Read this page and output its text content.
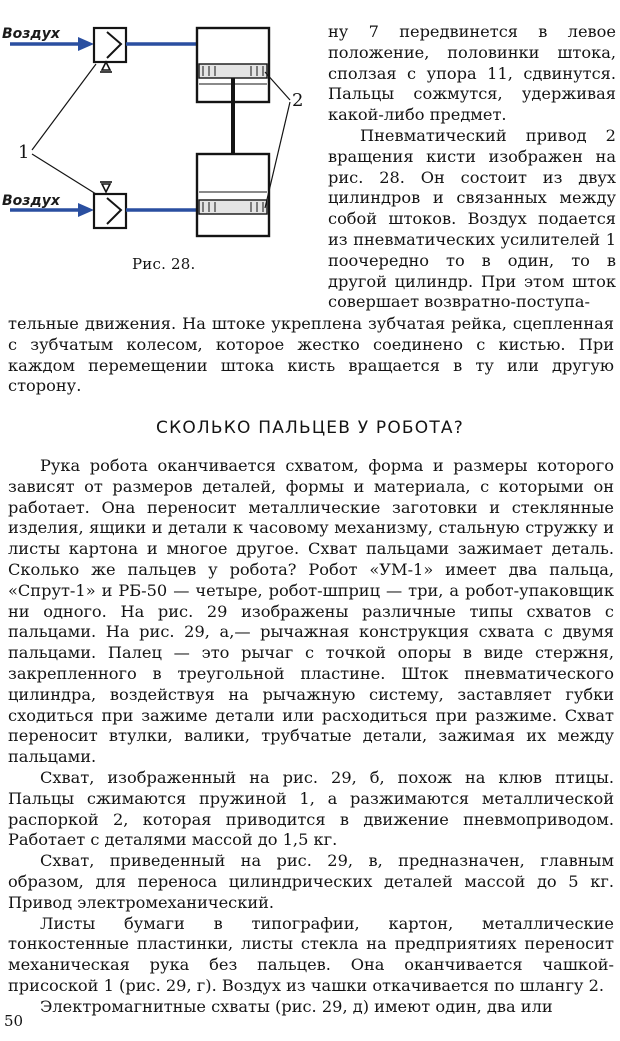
Воздух
Воздух
1
2
Рис. 28.

ну 7 передвинется в левое положение, половинки штока, сползая с упора 11, сдвинутся. Пальцы сожмутся, удерживая какой-либо предмет.

Пневматический привод 2 вращения кисти изображен на рис. 28. Он состоит из двух цилиндров и связанных между собой штоков. Воздух подается из пневматических усилителей 1 поочередно то в один, то в другой цилиндр. При этом шток совершает возвратно-поступа-

тельные движения. На штоке укреплена зубчатая рейка, сцепленная с зубчатым колесом, которое жестко соединено с кистью. При каждом перемещении штока кисть вращается в ту или другую сторону.

СКОЛЬКО ПАЛЬЦЕВ У РОБОТА?

Рука робота оканчивается схватом, форма и размеры которого зависят от размеров деталей, формы и материала, с которыми он работает. Она переносит металлические заготовки и стеклянные изделия, ящики и детали к часовому механизму, стальную стружку и листы картона и многое другое. Схват пальцами зажимает деталь. Сколько же пальцев у робота? Робот «УМ-1» имеет два пальца, «Спрут-1» и РБ-50 — четыре, робот-шприц — три, а робот-упаковщик ни одного. На рис. 29 изображены различные типы схватов с пальцами. На рис. 29, а,— рычажная конструкция схвата с двумя пальцами. Палец — это рычаг с точкой опоры в виде стержня, закрепленного в треугольной пластине. Шток пневматического цилиндра, воздействуя на рычажную систему, заставляет губки сходиться при зажиме детали или расходиться при разжиме. Схват переносит втулки, валики, трубчатые детали, зажимая их между пальцами.

Схват, изображенный на рис. 29, б, похож на клюв птицы. Пальцы сжимаются пружиной 1, а разжимаются металлической распоркой 2, которая приводится в движение пневмоприводом. Работает с деталями массой до 1,5 кг.

Схват, приведенный на рис. 29, в, предназначен, главным образом, для переноса цилиндрических деталей массой до 5 кг. Привод электромеханический.

Листы бумаги в типографии, картон, металлические тонкостенные пластинки, листы стекла на предприятиях переносит механическая рука без пальцев. Она оканчивается чашкой-присоской 1 (рис. 29, г). Воздух из чашки откачивается по шлангу 2.

Электромагнитные схваты (рис. 29, д) имеют один, два или

50
